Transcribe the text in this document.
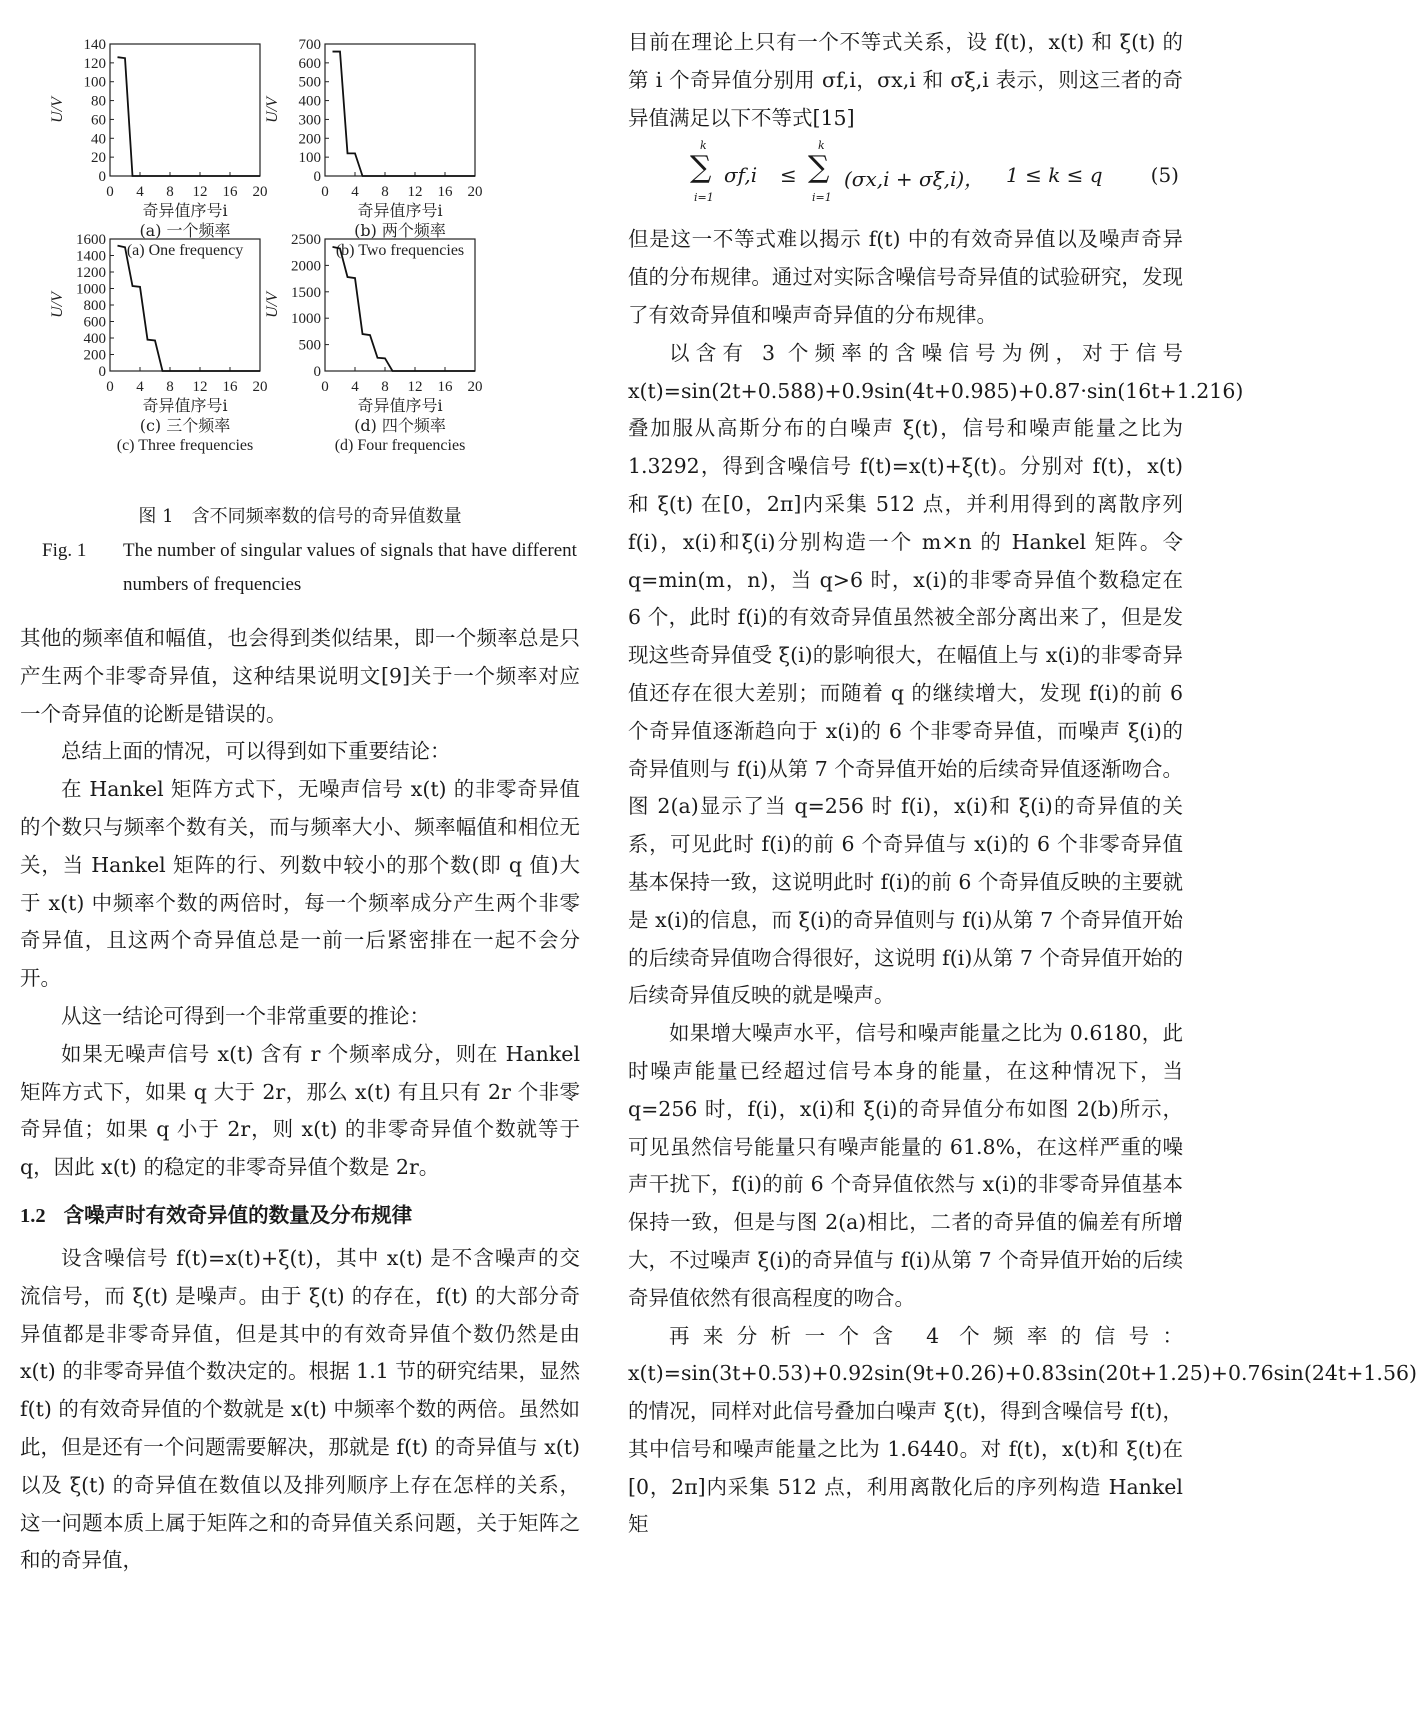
0
20
40
60
80
100
120
140
0 4 8 12 16 20
U/V
奇异值序号i
(a) 一个频率
(a) One frequency
0
100
200
300
400
500
600
700
0 4 8 12 16 20
U/V
奇异值序号i
(b) 两个频率
(b) Two frequencies
0
200
400
600
800
1000
1200
1400
1600
0 4 8 12 16 20
U/V
奇异值序号i
(c) 三个频率
(c) Three frequencies
0
500
1000
1500
2000
2500
0 4 8 12 16 20
U/V
奇异值序号i
(d) 四个频率
(d) Four frequencies
图 1　含不同频率数的信号的奇异值数量
Fig. 1 The number of singular values of signals that have different numbers of frequencies

其他的频率值和幅值，也会得到类似结果，即一个频率总是只产生两个非零奇异值，这种结果说明文[9]关于一个频率对应一个奇异值的论断是错误的。

总结上面的情况，可以得到如下重要结论：

在 Hankel 矩阵方式下，无噪声信号 x(t) 的非零奇异值的个数只与频率个数有关，而与频率大小、频率幅值和相位无关，当 Hankel 矩阵的行、列数中较小的那个数(即 q 值)大于 x(t) 中频率个数的两倍时，每一个频率成分产生两个非零奇异值，且这两个奇异值总是一前一后紧密排在一起不会分开。

从这一结论可得到一个非常重要的推论：

如果无噪声信号 x(t) 含有 r 个频率成分，则在 Hankel 矩阵方式下，如果 q 大于 2r，那么 x(t) 有且只有 2r 个非零奇异值；如果 q 小于 2r，则 x(t) 的非零奇异值个数就等于 q，因此 x(t) 的稳定的非零奇异值个数是 2r。

1.2 含噪声时有效奇异值的数量及分布规律

设含噪信号 f(t)=x(t)+ξ(t)，其中 x(t) 是不含噪声的交流信号，而 ξ(t) 是噪声。由于 ξ(t) 的存在，f(t) 的大部分奇异值都是非零奇异值，但是其中的有效奇异值个数仍然是由 x(t) 的非零奇异值个数决定的。根据 1.1 节的研究结果，显然 f(t) 的有效奇异值的个数就是 x(t) 中频率个数的两倍。虽然如此，但是还有一个问题需要解决，那就是 f(t) 的奇异值与 x(t) 以及 ξ(t) 的奇异值在数值以及排列顺序上存在怎样的关系，这一问题本质上属于矩阵之和的奇异值关系问题，关于矩阵之和的奇异值，

目前在理论上只有一个不等式关系，设 f(t)，x(t) 和 ξ(t) 的第 i 个奇异值分别用 σf,i，σx,i 和 σξ,i 表示，则这三者的奇异值满足以下不等式[15]

k
∑
i=1
σf,i ≤
k
∑
i=1
(σx,i + σξ,i)， 1 ≤ k ≤ q (5)

但是这一不等式难以揭示 f(t) 中的有效奇异值以及噪声奇异值的分布规律。通过对实际含噪信号奇异值的试验研究，发现了有效奇异值和噪声奇异值的分布规律。

以含有 3 个频率的含噪信号为例，对于信号 x(t)=sin(2t+0.588)+0.9sin(4t+0.985)+0.87·sin(16t+1.216)叠加服从高斯分布的白噪声 ξ(t)，信号和噪声能量之比为 1.3292，得到含噪信号 f(t)=x(t)+ξ(t)。分别对 f(t)，x(t) 和 ξ(t) 在[0，2π]内采集 512 点，并利用得到的离散序列 f(i)，x(i)和ξ(i)分别构造一个 m×n 的 Hankel 矩阵。令 q=min(m，n)，当 q>6 时，x(i)的非零奇异值个数稳定在 6 个，此时 f(i)的有效奇异值虽然被全部分离出来了，但是发现这些奇异值受 ξ(i)的影响很大，在幅值上与 x(i)的非零奇异值还存在很大差别；而随着 q 的继续增大，发现 f(i)的前 6 个奇异值逐渐趋向于 x(i)的 6 个非零奇异值，而噪声 ξ(i)的奇异值则与 f(i)从第 7 个奇异值开始的后续奇异值逐渐吻合。图 2(a)显示了当 q=256 时 f(i)，x(i)和 ξ(i)的奇异值的关系，可见此时 f(i)的前 6 个奇异值与 x(i)的 6 个非零奇异值基本保持一致，这说明此时 f(i)的前 6 个奇异值反映的主要就是 x(i)的信息，而 ξ(i)的奇异值则与 f(i)从第 7 个奇异值开始的后续奇异值吻合得很好，这说明 f(i)从第 7 个奇异值开始的后续奇异值反映的就是噪声。

如果增大噪声水平，信号和噪声能量之比为 0.6180，此时噪声能量已经超过信号本身的能量，在这种情况下，当 q=256 时，f(i)，x(i)和 ξ(i)的奇异值分布如图 2(b)所示，可见虽然信号能量只有噪声能量的 61.8%，在这样严重的噪声干扰下，f(i)的前 6 个奇异值依然与 x(i)的非零奇异值基本保持一致，但是与图 2(a)相比，二者的奇异值的偏差有所增大，不过噪声 ξ(i)的奇异值与 f(i)从第 7 个奇异值开始的后续奇异值依然有很高程度的吻合。

再来分析一个含 4 个频率的信号：x(t)=sin(3t+0.53)+0.92sin(9t+0.26)+0.83sin(20t+1.25)+0.76sin(24t+1.56)的情况，同样对此信号叠加白噪声 ξ(t)，得到含噪信号 f(t)，其中信号和噪声能量之比为 1.6440。对 f(t)，x(t)和 ξ(t)在[0，2π]内采集 512 点，利用离散化后的序列构造 Hankel 矩
